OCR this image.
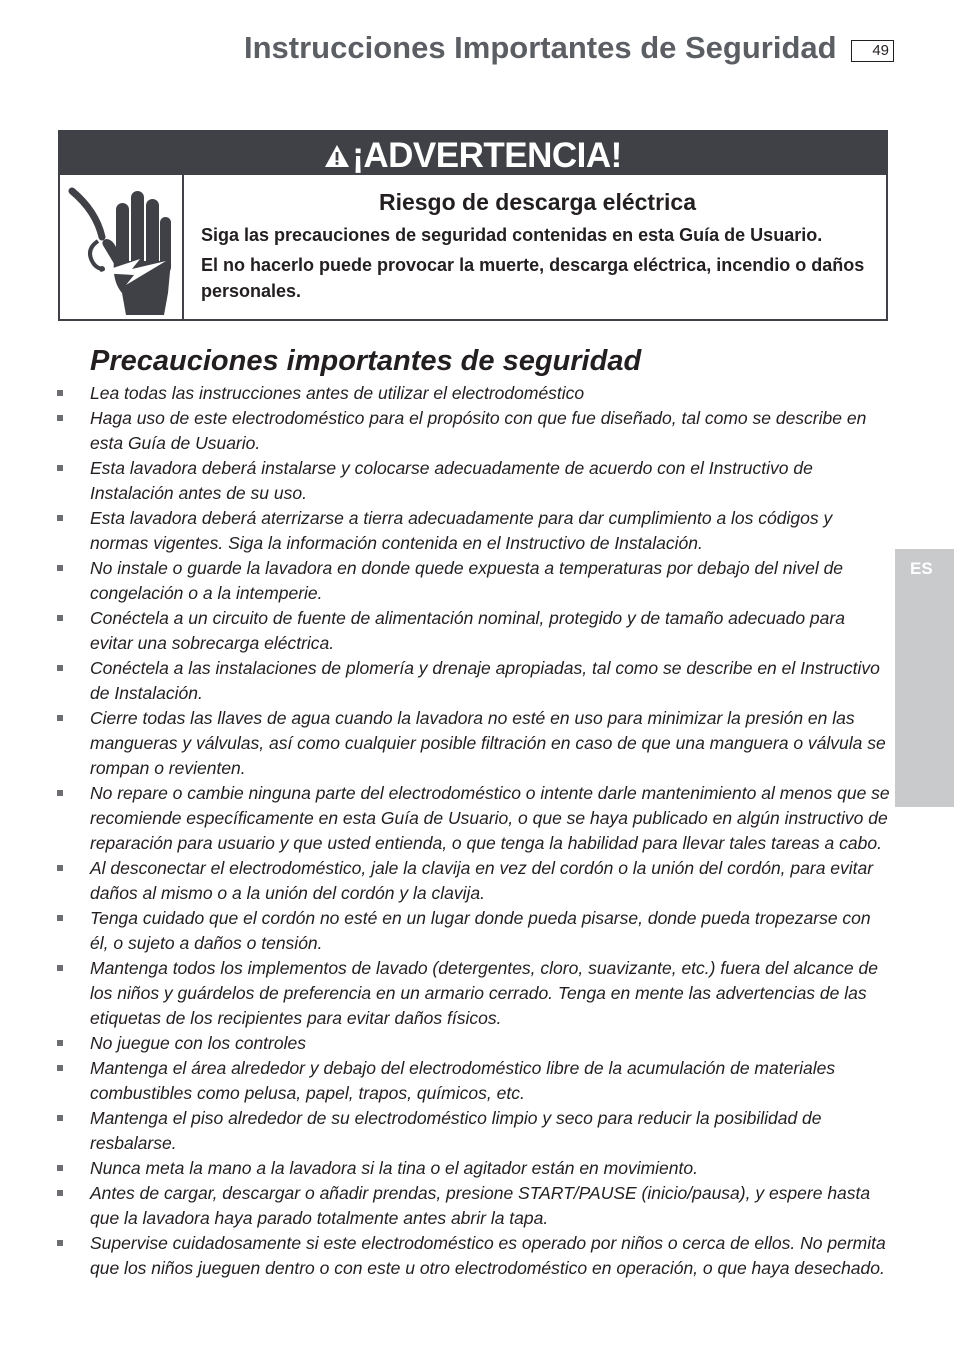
Instrucciones Importantes de Seguridad	49
ES
¡ADVERTENCIA!
Riesgo de descarga eléctrica

Siga las precauciones de seguridad contenidas en esta Guía de Usuario.

El no hacerlo puede provocar la muerte, descarga eléctrica, incendio o daños personales.

Precauciones importantes de seguridad
Lea todas las instrucciones antes de utilizar el electrodoméstico
Haga uso de este electrodoméstico para el propósito con que fue diseñado, tal como se describe en esta Guía de Usuario.
Esta lavadora deberá instalarse y colocarse adecuadamente de acuerdo con el Instructivo de Instalación antes de su uso.
Esta lavadora deberá aterrizarse a tierra adecuadamente para dar cumplimiento a los códigos y normas vigentes. Siga la información contenida en el Instructivo de Instalación.
No instale o guarde la lavadora en donde quede expuesta a temperaturas por debajo del nivel de congelación o a la intemperie.
Conéctela a un circuito de fuente de alimentación nominal, protegido y de tamaño adecuado para evitar una sobrecarga eléctrica.
Conéctela a las instalaciones de plomería y drenaje apropiadas, tal como se describe en el Instructivo de Instalación.
Cierre todas las llaves de agua cuando la lavadora no esté en uso para minimizar la presión en las mangueras y válvulas, así como cualquier posible filtración en caso de que una manguera o válvula se rompan o revienten.
No repare o cambie ninguna parte del electrodoméstico o intente darle mantenimiento al menos que se recomiende específicamente en esta Guía de Usuario, o que se haya publicado en algún instructivo de reparación para usuario y que usted entienda, o que tenga la habilidad para llevar tales tareas a cabo.
Al desconectar el electrodoméstico, jale la clavija en vez del cordón o la unión del cordón, para evitar daños al mismo o a la unión del cordón y la clavija.
Tenga cuidado que el cordón no esté en un lugar donde pueda pisarse, donde pueda tropezarse con él, o sujeto a daños o tensión.
Mantenga todos los implementos de lavado (detergentes, cloro, suavizante, etc.) fuera del alcance de los niños y guárdelos de preferencia en un armario cerrado. Tenga en mente las advertencias de las etiquetas de los recipientes para evitar daños físicos.
No juegue con los controles
Mantenga el área alrededor y debajo del electrodoméstico libre de la acumulación de materiales combustibles como pelusa, papel, trapos, químicos, etc.
Mantenga el piso alrededor de su electrodoméstico limpio y seco para reducir la posibilidad de resbalarse.
Nunca meta la mano a la lavadora si la tina o el agitador están en movimiento.
Antes de cargar, descargar o añadir prendas, presione START/PAUSE (inicio/pausa), y espere hasta que la lavadora haya parado totalmente antes abrir la tapa.
Supervise cuidadosamente si este electrodoméstico es operado por niños o cerca de ellos. No permita que los niños jueguen dentro o con este u otro electrodoméstico en operación, o que haya desechado.
